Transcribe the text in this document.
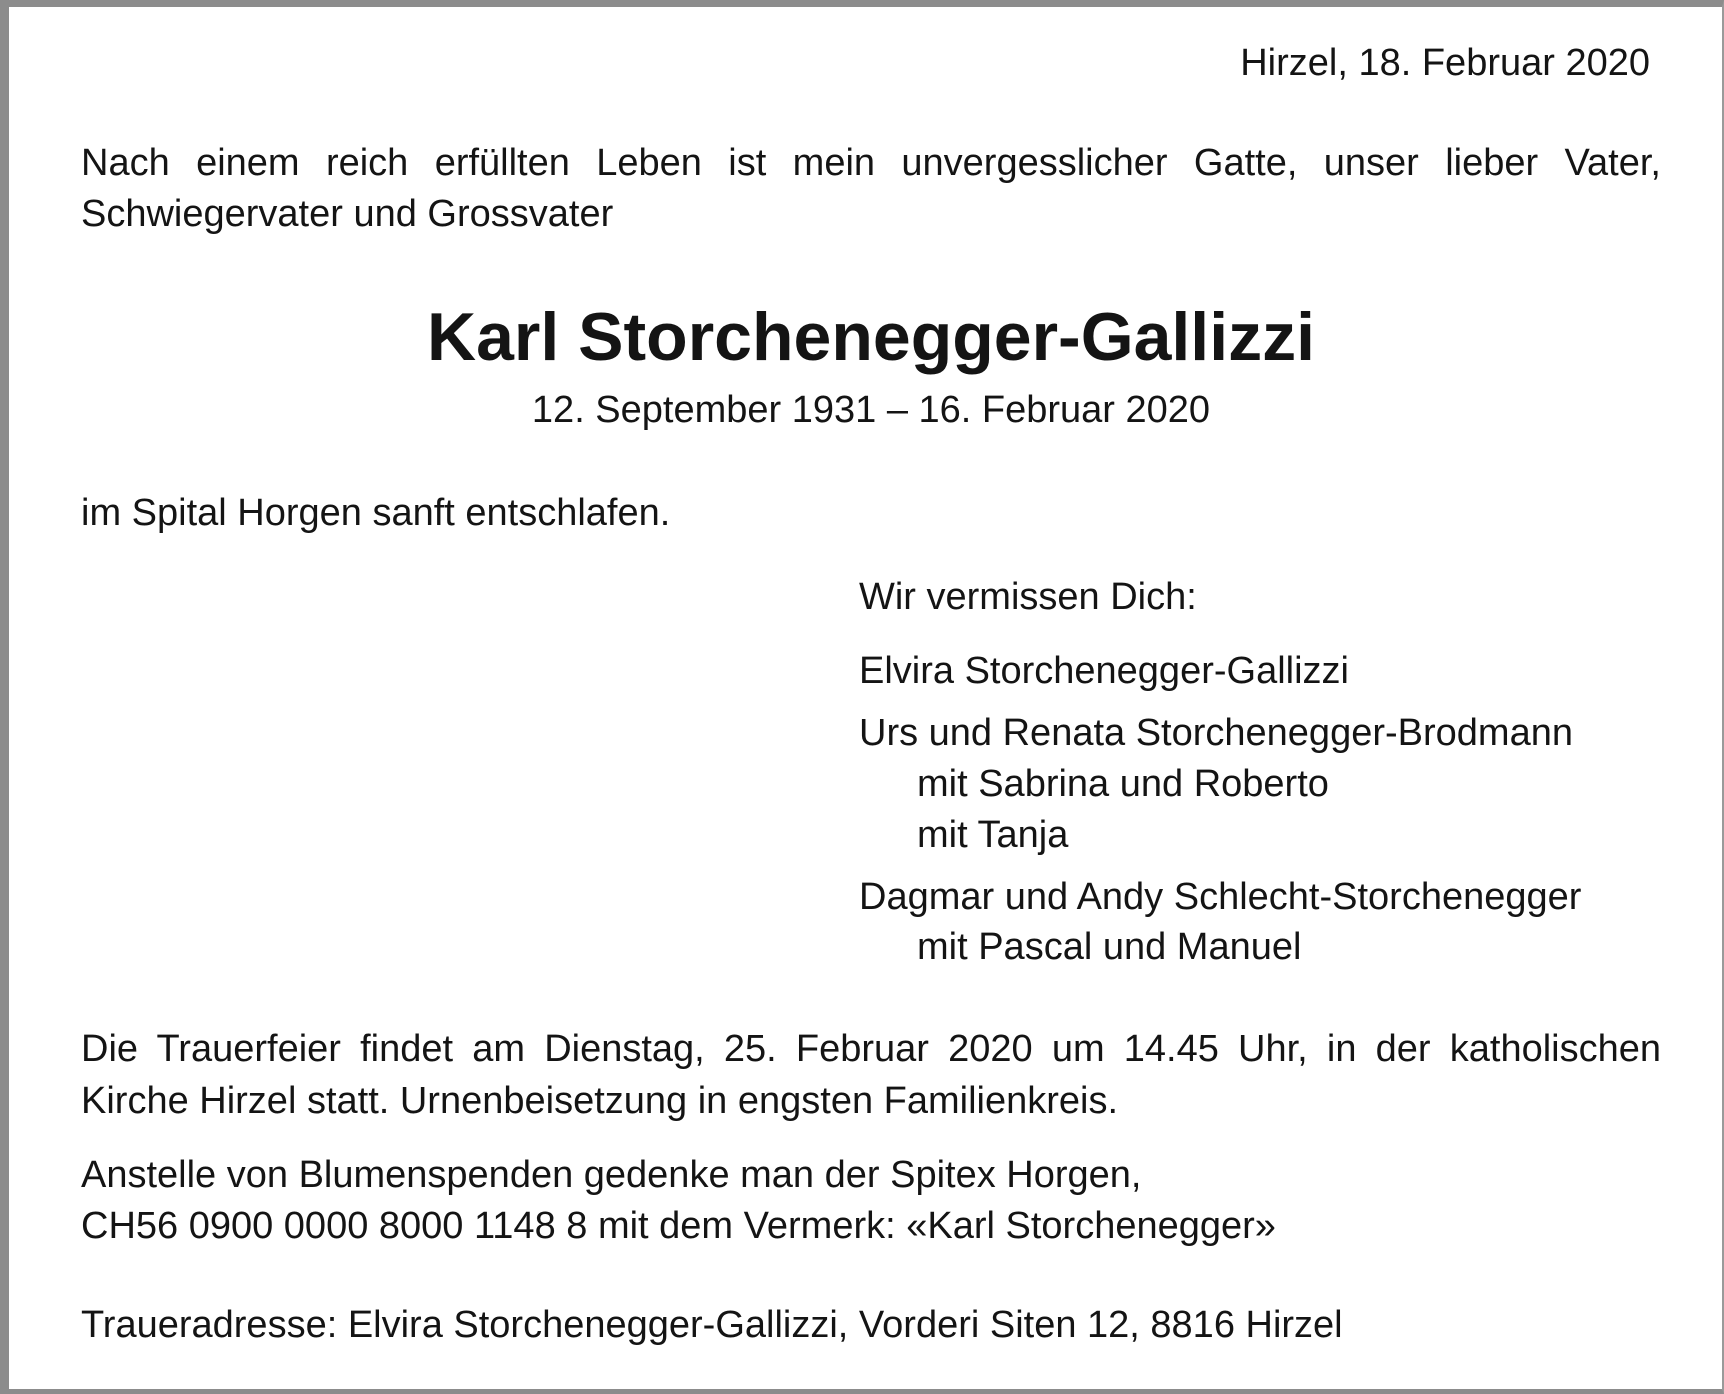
Hirzel, 18. Februar 2020

Nach einem reich erfüllten Leben ist mein unvergesslicher Gatte, unser lieber Vater,

Schwiegervater und Grossvater

Karl Storchenegger-Gallizzi

12. September 1931 – 16. Februar 2020

im Spital Horgen sanft entschlafen.

Wir vermissen Dich:

Elvira Storchenegger-Gallizzi

Urs und Renata Storchenegger-Brodmann

mit Sabrina und Roberto

mit Tanja

Dagmar und Andy Schlecht-Storchenegger

mit Pascal und Manuel

Die Trauerfeier findet am Dienstag, 25. Februar 2020 um 14.45 Uhr, in der katholischen

Kirche Hirzel statt. Urnenbeisetzung in engsten Familienkreis.

Anstelle von Blumenspenden gedenke man der Spitex Horgen,

CH56 0900 0000 8000 1148 8 mit dem Vermerk: «Karl Storchenegger»

Traueradresse: Elvira Storchenegger-Gallizzi, Vorderi Siten 12, 8816 Hirzel
